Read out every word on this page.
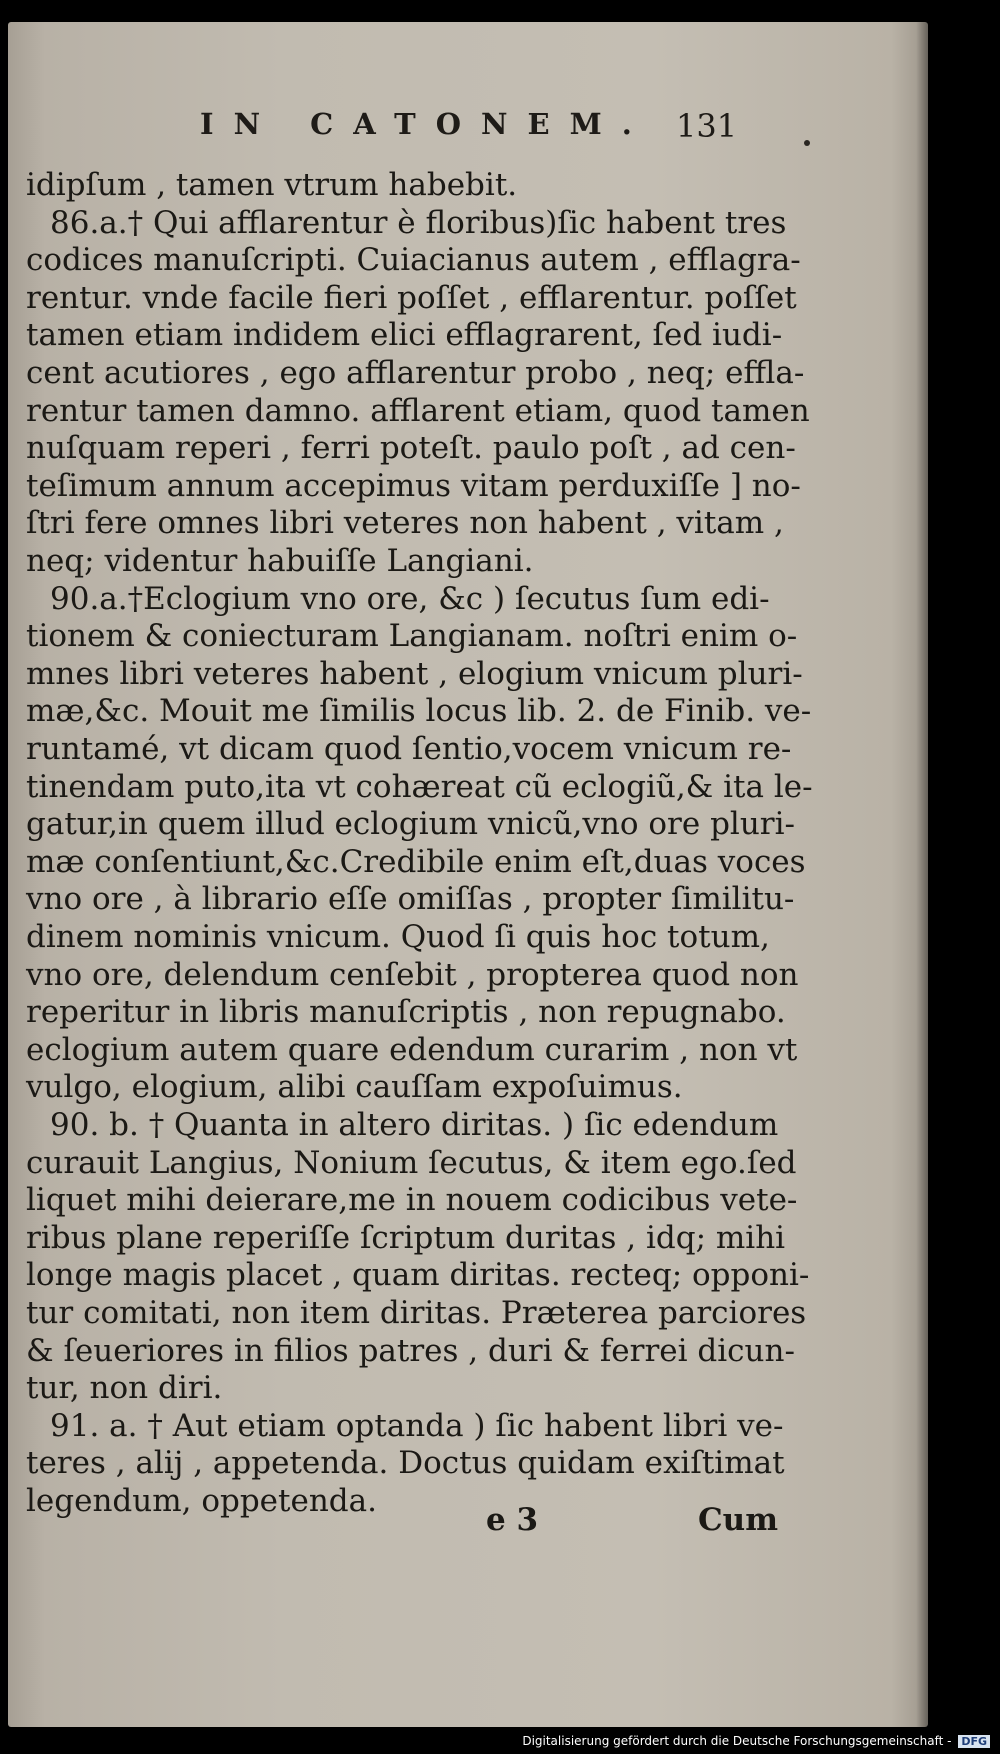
IN CATONEM. 131
idipſum , tamen vtrum habebit.
86.a.† Qui afflarentur è floribus)ſic habent tres
codices manuſcripti. Cuiacianus autem , efflagra-
rentur. vnde facile fieri poſſet , efflarentur. poſſet
tamen etiam indidem elici efflagrarent, ſed iudi-
cent acutiores , ego afflarentur probo , neq; effla-
rentur tamen damno. afflarent etiam, quod tamen
nuſquam reperi , ferri poteſt. paulo poſt , ad cen-
teſimum annum accepimus vitam perduxiſſe ] no-
ſtri fere omnes libri veteres non habent , vitam ,
neq; videntur habuiſſe Langiani.
90.a.†Eclogium vno ore, &c ) ſecutus ſum edi-
tionem & coniecturam Langianam. noſtri enim o-
mnes libri veteres habent , elogium vnicum pluri-
mæ,&c. Mouit me ſimilis locus lib. 2. de Finib. ve-
runtamé, vt dicam quod ſentio,vocem vnicum re-
tinendam puto,ita vt cohæreat cũ eclogiũ,& ita le-
gatur,in quem illud eclogium vnicũ,vno ore pluri-
mæ conſentiunt,&c.Credibile enim eſt,duas voces
vno ore , à librario eſſe omiſſas , propter ſimilitu-
dinem nominis vnicum. Quod ſi quis hoc totum,
vno ore, delendum cenſebit , propterea quod non
reperitur in libris manuſcriptis , non repugnabo.
eclogium autem quare edendum curarim , non vt
vulgo, elogium, alibi cauſſam expoſuimus.
90. b. † Quanta in altero diritas. ) ſic edendum
curauit Langius, Nonium ſecutus, & item ego.ſed
liquet mihi deierare,me in nouem codicibus vete-
ribus plane reperiſſe ſcriptum duritas , idq; mihi
longe magis placet , quam diritas. recteq; opponi-
tur comitati, non item diritas. Præterea parciores
& ſeueriores in filios patres , duri & ferrei dicun-
tur, non diri.
91. a. † Aut etiam optanda ) ſic habent libri ve-
teres , alij , appetenda. Doctus quidam exiſtimat
legendum, oppetenda.
e 3	Cum
Digitalisierung gefördert durch die Deutsche Forschungsgemeinschaft - DFG
